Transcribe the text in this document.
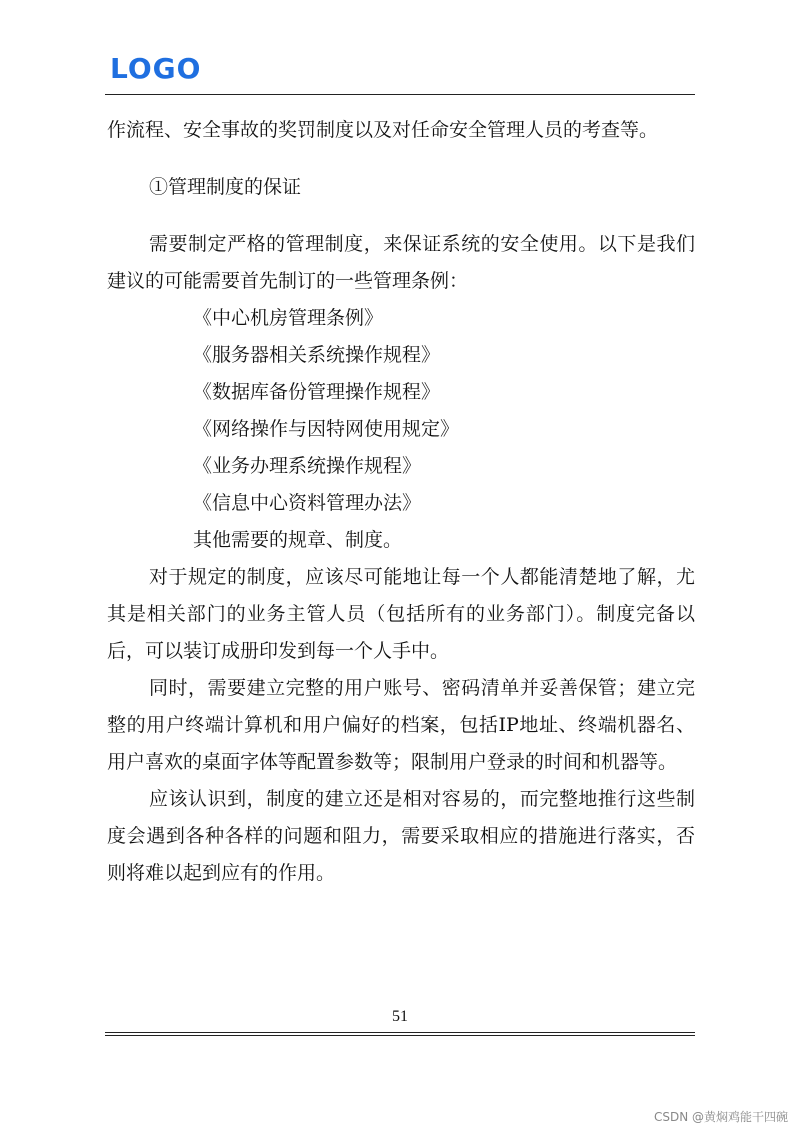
LOGO

作流程、安全事故的奖罚制度以及对任命安全管理人员的考查等。

①管理制度的保证

需要制定严格的管理制度，来保证系统的安全使用。以下是我们建议的可能需要首先制订的一些管理条例：

《中心机房管理条例》

《服务器相关系统操作规程》

《数据库备份管理操作规程》

《网络操作与因特网使用规定》

《业务办理系统操作规程》

《信息中心资料管理办法》

其他需要的规章、制度。

对于规定的制度，应该尽可能地让每一个人都能清楚地了解，尤其是相关部门的业务主管人员（包括所有的业务部门）。制度完备以后，可以装订成册印发到每一个人手中。

同时，需要建立完整的用户账号、密码清单并妥善保管；建立完整的用户终端计算机和用户偏好的档案，包括IP地址、终端机器名、用户喜欢的桌面字体等配置参数等；限制用户登录的时间和机器等。

应该认识到，制度的建立还是相对容易的，而完整地推行这些制度会遇到各种各样的问题和阻力，需要采取相应的措施进行落实，否则将难以起到应有的作用。

51
CSDN @黄焖鸡能干四碗
